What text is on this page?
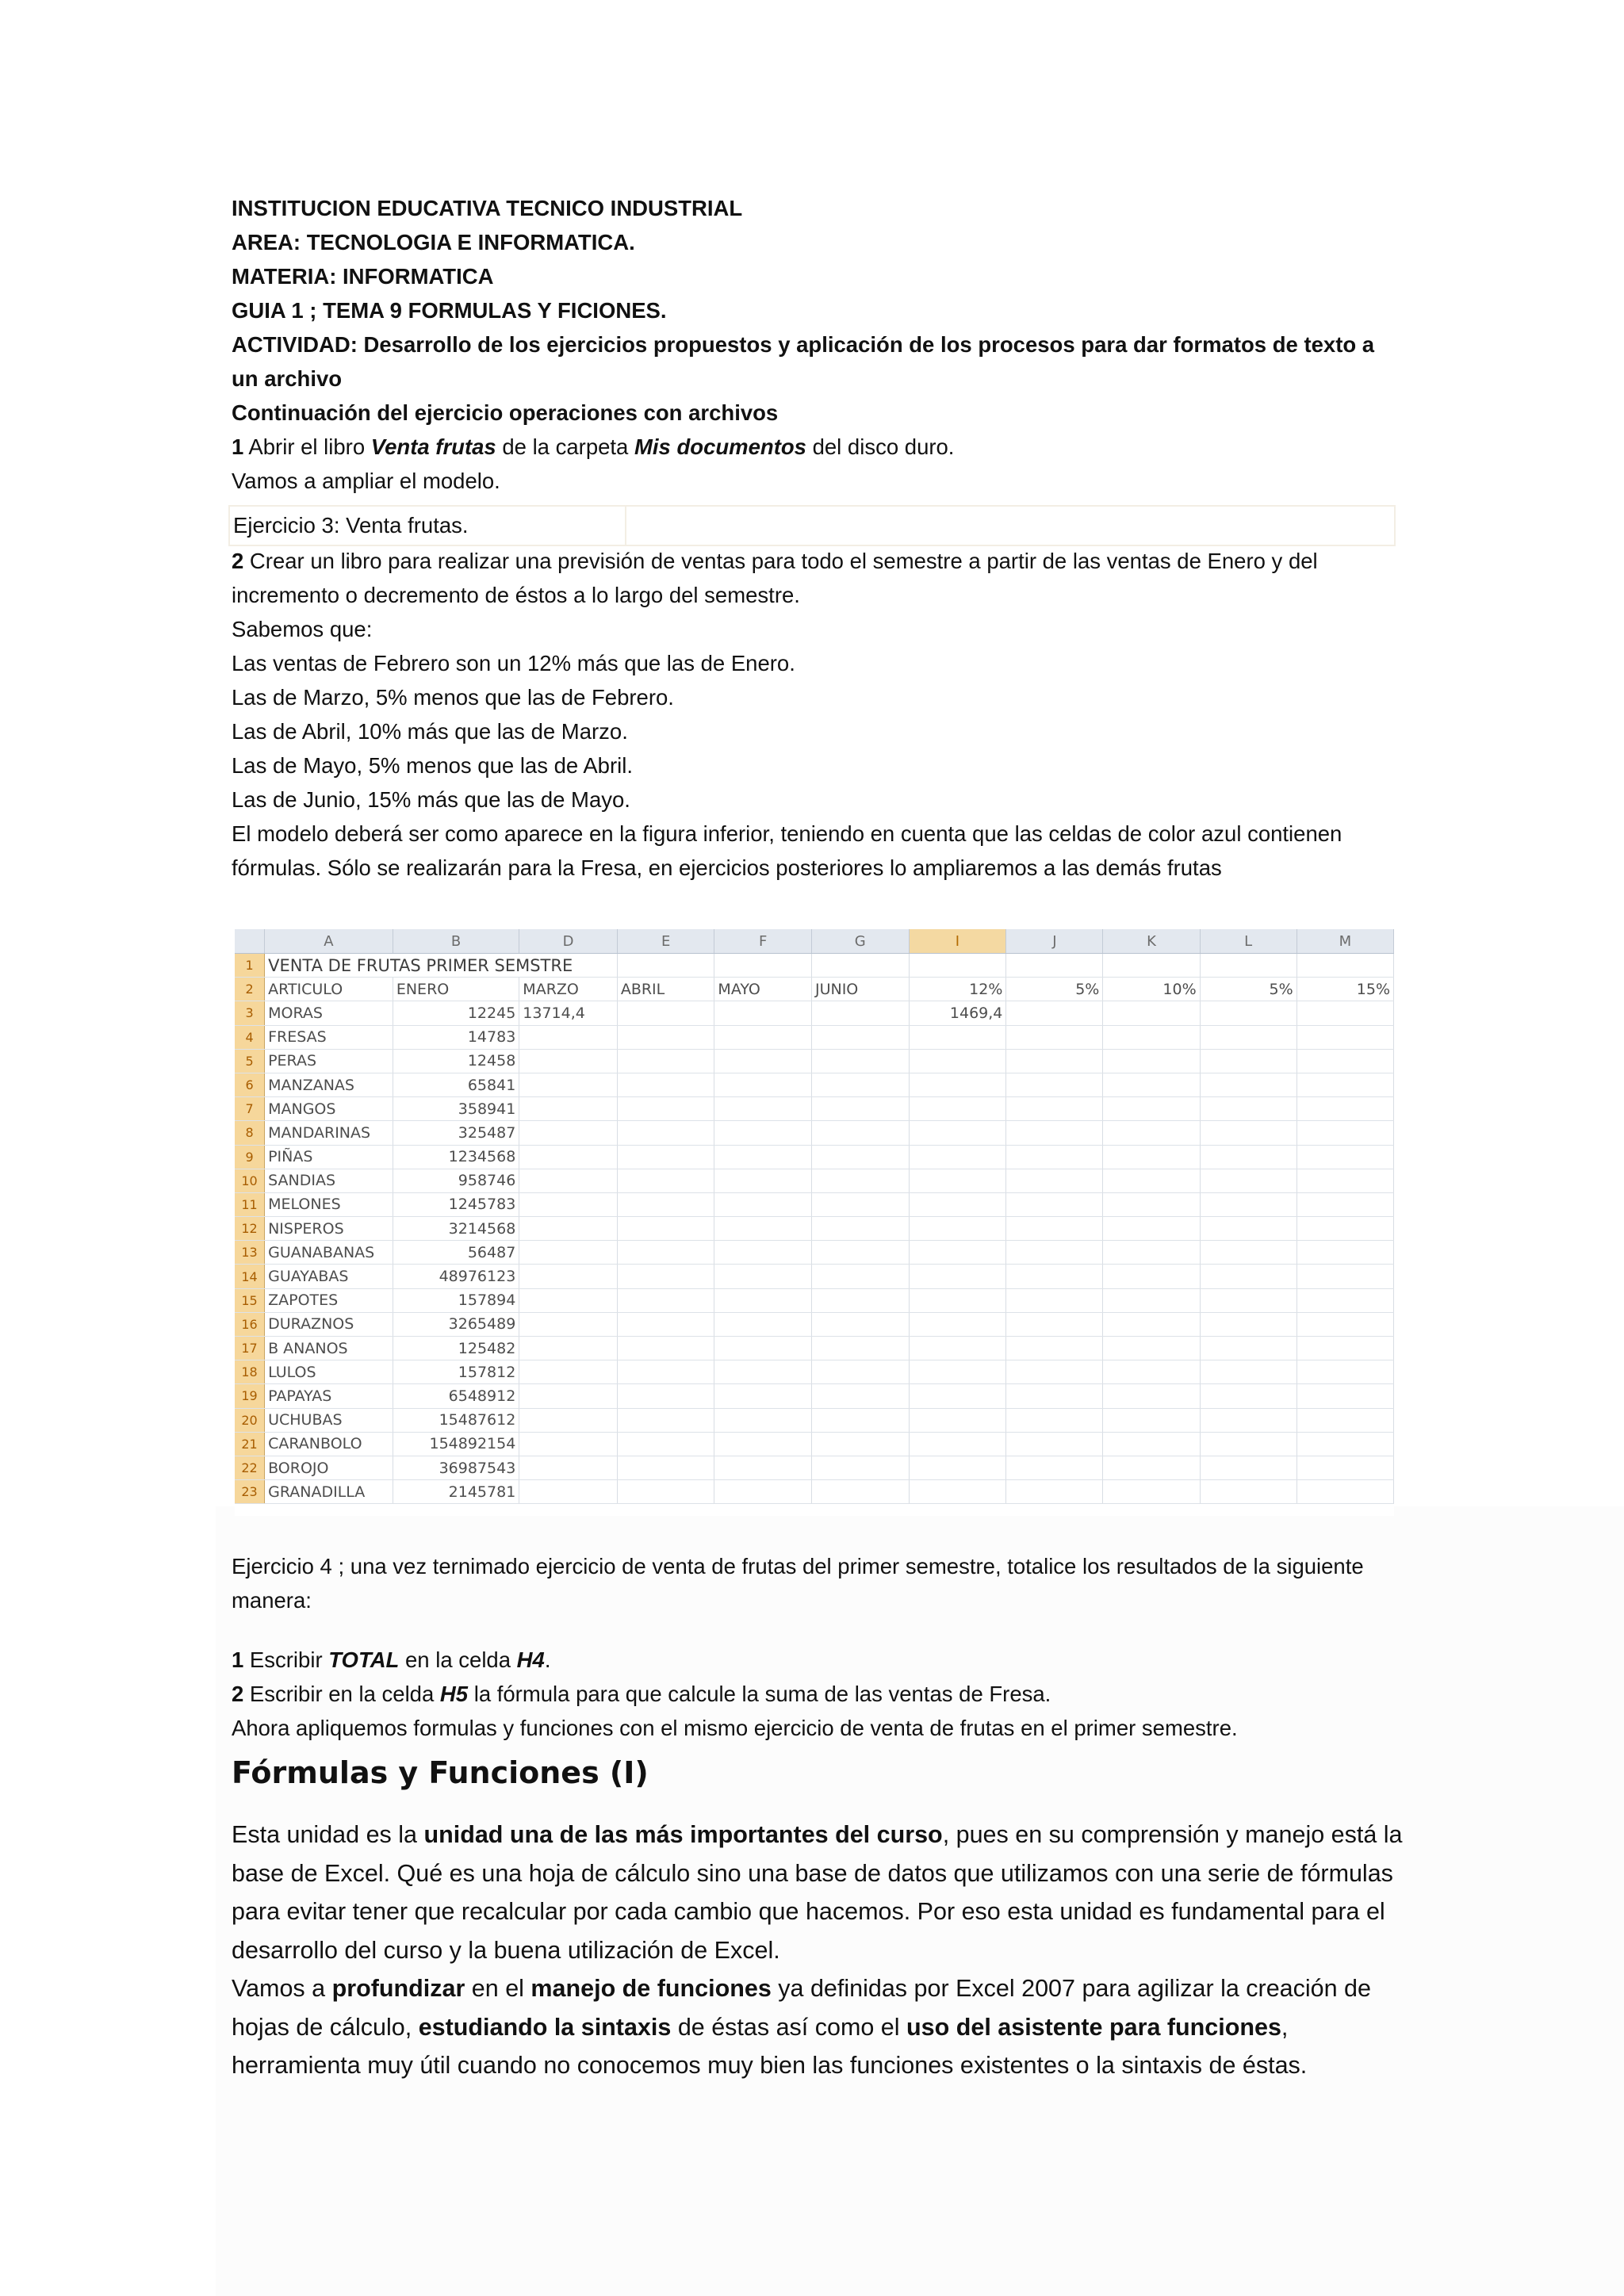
INSTITUCION EDUCATIVA TECNICO INDUSTRIAL

AREA: TECNOLOGIA E INFORMATICA.

MATERIA: INFORMATICA

GUIA 1 ; TEMA 9 FORMULAS Y FICIONES.

ACTIVIDAD: Desarrollo de los ejercicios propuestos y aplicación de los procesos para dar formatos de texto a un archivo

Continuación del ejercicio operaciones con archivos

1 Abrir el libro Venta frutas de la carpeta Mis documentos del disco duro.

Vamos a ampliar el modelo.

Ejercicio 3: Venta frutas.

2 Crear un libro para realizar una previsión de ventas para todo el semestre a partir de las ventas de Enero y del incremento o decremento de éstos a lo largo del semestre.

Sabemos que:

Las ventas de Febrero son un 12% más que las de Enero.

Las de Marzo, 5% menos que las de Febrero.

Las de Abril, 10% más que las de Marzo.

Las de Mayo, 5% menos que las de Abril.

Las de Junio, 15% más que las de Mayo.

El modelo deberá ser como aparece en la figura inferior, teniendo en cuenta que las celdas de color azul contienen fórmulas. Sólo se realizarán para la Fresa, en ejercicios posteriores lo ampliaremos a las demás frutas

	A	B	D	E	F	G	I	J	K	L	M
1	VENTA DE FRUTAS PRIMER SEMSTRE										
2	ARTICULO	ENERO	MARZO	ABRIL	MAYO	JUNIO	12%	5%	10%	5%	15%
3	MORAS	12245	13714,4				1469,4				
4	FRESAS	14783									
5	PERAS	12458									
6	MANZANAS	65841									
7	MANGOS	358941									
8	MANDARINAS	325487									
9	PIÑAS	1234568									
10	SANDIAS	958746									
11	MELONES	1245783									
12	NISPEROS	3214568									
13	GUANABANAS	56487									
14	GUAYABAS	48976123									
15	ZAPOTES	157894									
16	DURAZNOS	3265489									
17	B ANANOS	125482									
18	LULOS	157812									
19	PAPAYAS	6548912									
20	UCHUBAS	15487612									
21	CARANBOLO	154892154									
22	BOROJO	36987543									
23	GRANADILLA	2145781									

Ejercicio 4 ; una vez ternimado ejercicio de venta de frutas del primer semestre, totalice los resultados de la siguiente manera:

1 Escribir TOTAL en la celda H4.

2 Escribir en la celda H5 la fórmula para que calcule la suma de las ventas de Fresa.

Ahora apliquemos formulas y funciones con el mismo ejercicio de venta de frutas en el primer semestre.

Fórmulas y Funciones (I)

Esta unidad es la unidad una de las más importantes del curso, pues en su comprensión y manejo está la base de Excel. Qué es una hoja de cálculo sino una base de datos que utilizamos con una serie de fórmulas para evitar tener que recalcular por cada cambio que hacemos. Por eso esta unidad es fundamental para el desarrollo del curso y la buena utilización de Excel.

Vamos a profundizar en el manejo de funciones ya definidas por Excel 2007 para agilizar la creación de hojas de cálculo, estudiando la sintaxis de éstas así como el uso del asistente para funciones, herramienta muy útil cuando no conocemos muy bien las funciones existentes o la sintaxis de éstas.
